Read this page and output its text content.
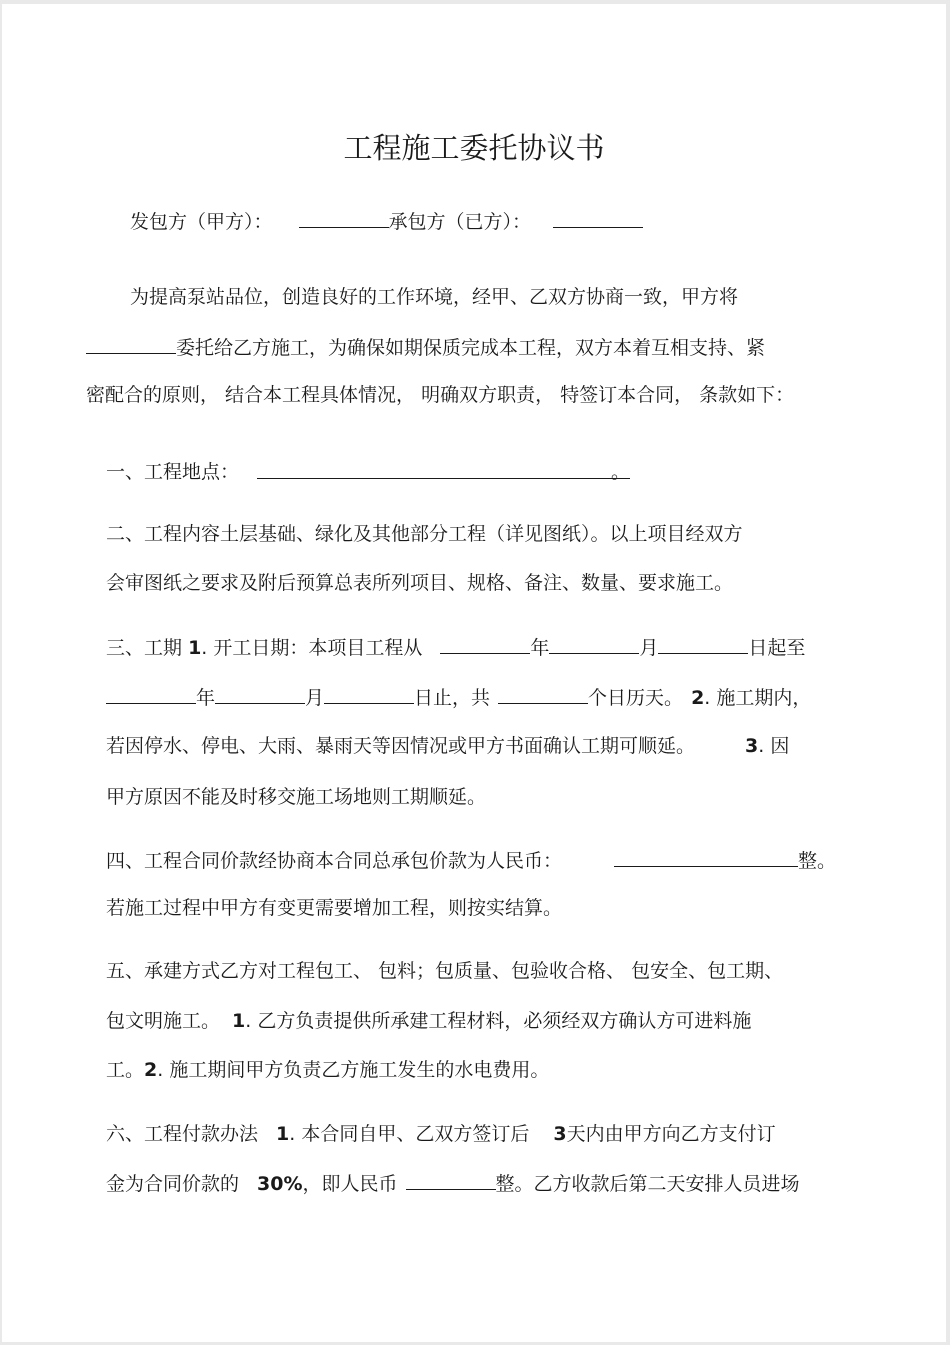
工程施工委托协议书
发包方（甲方）：	承包方（已方）：
为提高泵站品位，创造良好的工作环境，经甲、乙双方协商一致，甲方将
委托给乙方施工，为确保如期保质完成本工程，双方本着互相支持、紧
密配合的原则， 结合本工程具体情况， 明确双方职责， 特签订本合同， 条款如下：
一、工程地点：	。
二、工程内容土层基础、绿化及其他部分工程（详见图纸）。以上项目经双方
会审图纸之要求及附后预算总表所列项目、规格、备注、数量、要求施工。
三、工期 1. 开工日期：本项目工程从	年	月	日起至
年	月	日止，共	个日历天。 2. 施工期内，
若因停水、停电、大雨、暴雨天等因情况或甲方书面确认工期可顺延。	3. 因
甲方原因不能及时移交施工场地则工期顺延。
四、工程合同价款经协商本合同总承包价款为人民币：	整。
若施工过程中甲方有变更需要增加工程，则按实结算。
五、承建方式乙方对工程包工、 包料；包质量、包验收合格、 包安全、包工期、
包文明施工。 1. 乙方负责提供所承建工程材料，必须经双方确认方可进料施
工。2. 施工期间甲方负责乙方施工发生的水电费用。
六、工程付款办法 1. 本合同自甲、乙双方签订后 3天内由甲方向乙方支付订
金为合同价款的 30%，即人民币	整。乙方收款后第二天安排人员进场
